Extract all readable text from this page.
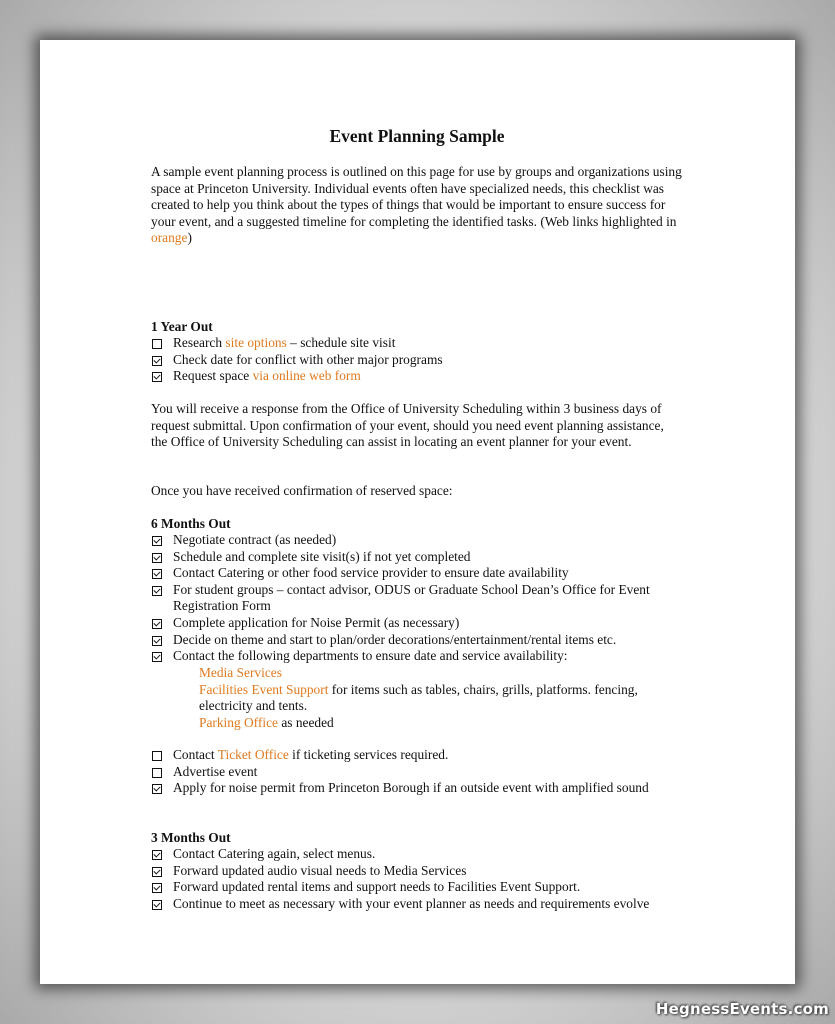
Event Planning Sample
A sample event planning process is outlined on this page for use by groups and organizations using space at Princeton University. Individual events often have specialized needs, this checklist was created to help you think about the types of things that would be important to ensure success for your event, and a suggested timeline for completing the identified tasks. (Web links highlighted in orange)
1 Year Out
Research site options – schedule site visit
Check date for conflict with other major programs
Request space via online web form
You will receive a response from the Office of University Scheduling within 3 business days of request submittal. Upon confirmation of your event, should you need event planning assistance, the Office of University Scheduling can assist in locating an event planner for your event.
Once you have received confirmation of reserved space:
6 Months Out
Negotiate contract (as needed)
Schedule and complete site visit(s) if not yet completed
Contact Catering or other food service provider to ensure date availability
For student groups – contact advisor, ODUS or Graduate School Dean’s Office for Event Registration Form
Complete application for Noise Permit (as necessary)
Decide on theme and start to plan/order decorations/entertainment/rental items etc.
Contact the following departments to ensure date and service availability:
Media Services
Facilities Event Support for items such as tables, chairs, grills, platforms. fencing, electricity and tents.
Parking Office as needed
Contact Ticket Office if ticketing services required.
Advertise event
Apply for noise permit from Princeton Borough if an outside event with amplified sound
3 Months Out
Contact Catering again, select menus.
Forward updated audio visual needs to Media Services
Forward updated rental items and support needs to Facilities Event Support.
Continue to meet as necessary with your event planner as needs and requirements evolve
HegnessEvents.com
